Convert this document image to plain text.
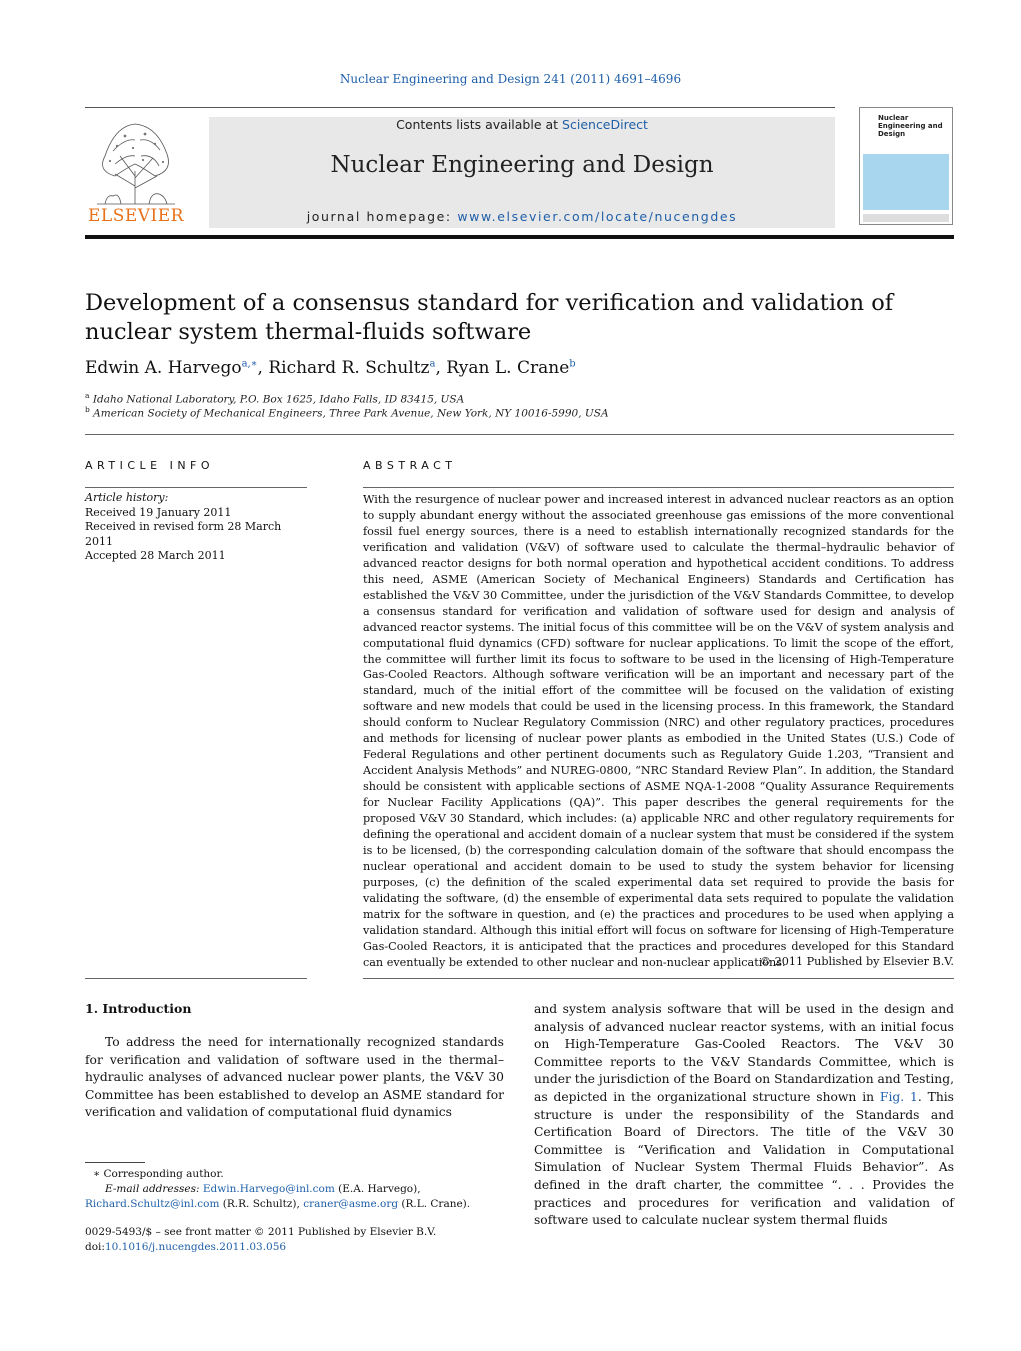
Nuclear Engineering and Design 241 (2011) 4691–4696
ELSEVIER
Contents lists available at ScienceDirect
Nuclear Engineering and Design
journal homepage: www.elsevier.com/locate/nucengdes
Nuclear Engineering and Design
Development of a consensus standard for verification and validation of nuclear system thermal-fluids software
Edwin A. Harvego$^{a,∗}$, Richard R. Schultz$^a$, Ryan L. Crane$^b$
$^a$ Idaho National Laboratory, P.O. Box 1625, Idaho Falls, ID 83415, USA
$^b$ American Society of Mechanical Engineers, Three Park Avenue, New York, NY 10016-5990, USA
ARTICLE INFO
Article history:
Received 19 January 2011
Received in revised form 28 March 2011
Accepted 28 March 2011
ABSTRACT
With the resurgence of nuclear power and increased interest in advanced nuclear reactors as an option to supply abundant energy without the associated greenhouse gas emissions of the more conventional fossil fuel energy sources, there is a need to establish internationally recognized standards for the verification and validation (V&V) of software used to calculate the thermal–hydraulic behavior of advanced reactor designs for both normal operation and hypothetical accident conditions. To address this need, ASME (American Society of Mechanical Engineers) Standards and Certification has established the V&V 30 Committee, under the jurisdiction of the V&V Standards Committee, to develop a consensus standard for verification and validation of software used for design and analysis of advanced reactor systems. The initial focus of this committee will be on the V&V of system analysis and computational fluid dynamics (CFD) software for nuclear applications. To limit the scope of the effort, the committee will further limit its focus to software to be used in the licensing of High-Temperature Gas-Cooled Reactors. Although software verification will be an important and necessary part of the standard, much of the initial effort of the committee will be focused on the validation of existing software and new models that could be used in the licensing process. In this framework, the Standard should conform to Nuclear Regulatory Commission (NRC) and other regulatory practices, procedures and methods for licensing of nuclear power plants as embodied in the United States (U.S.) Code of Federal Regulations and other pertinent documents such as Regulatory Guide 1.203, “Transient and Accident Analysis Methods” and NUREG-0800, “NRC Standard Review Plan”. In addition, the Standard should be consistent with applicable sections of ASME NQA-1-2008 “Quality Assurance Requirements for Nuclear Facility Applications (QA)”. This paper describes the general requirements for the proposed V&V 30 Standard, which includes: (a) applicable NRC and other regulatory requirements for defining the operational and accident domain of a nuclear system that must be considered if the system is to be licensed, (b) the corresponding calculation domain of the software that should encompass the nuclear operational and accident domain to be used to study the system behavior for licensing purposes, (c) the definition of the scaled experimental data set required to provide the basis for validating the software, (d) the ensemble of experimental data sets required to populate the validation matrix for the software in question, and (e) the practices and procedures to be used when applying a validation standard. Although this initial effort will focus on software for licensing of High-Temperature Gas-Cooled Reactors, it is anticipated that the practices and procedures developed for this Standard can eventually be extended to other nuclear and non-nuclear applications.
© 2011 Published by Elsevier B.V.
1. Introduction
To address the need for internationally recognized standards for verification and validation of software used in the thermal–hydraulic analyses of advanced nuclear power plants, the V&V 30 Committee has been established to develop an ASME standard for verification and validation of computational fluid dynamics
and system analysis software that will be used in the design and analysis of advanced nuclear reactor systems, with an initial focus on High-Temperature Gas-Cooled Reactors. The V&V 30 Committee reports to the V&V Standards Committee, which is under the jurisdiction of the Board on Standardization and Testing, as depicted in the organizational structure shown in Fig. 1. This structure is under the responsibility of the Standards and Certification Board of Directors. The title of the V&V 30 Committee is “Verification and Validation in Computational Simulation of Nuclear System Thermal Fluids Behavior”. As defined in the draft charter, the committee “. . . Provides the practices and procedures for verification and validation of software used to calculate nuclear system thermal fluids
∗ Corresponding author.
E-mail addresses: Edwin.Harvego@inl.com (E.A. Harvego),
Richard.Schultz@inl.com (R.R. Schultz), craner@asme.org (R.L. Crane).
0029-5493/$ – see front matter © 2011 Published by Elsevier B.V.
doi:10.1016/j.nucengdes.2011.03.056
